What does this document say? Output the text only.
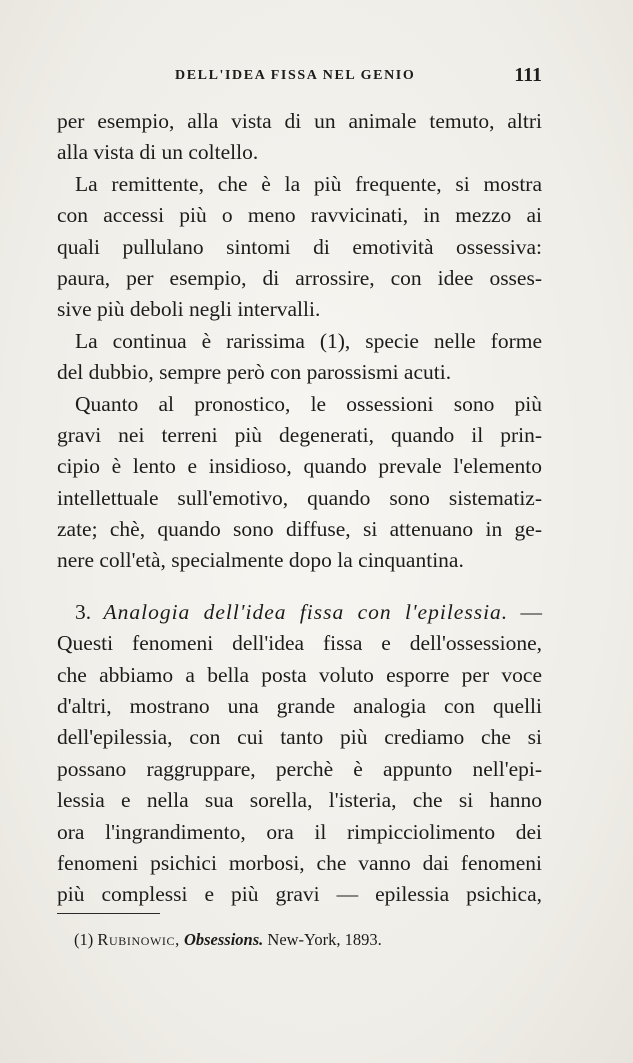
DELL'IDEA FISSA NEL GENIO	111
per esempio, alla vista di un animale temuto, altri
alla vista di un coltello.
La remittente, che è la più frequente, si mostra
con accessi più o meno ravvicinati, in mezzo ai
quali pullulano sintomi di emotività ossessiva:
paura, per esempio, di arrossire, con idee osses-
sive più deboli negli intervalli.
La continua è rarissima (1), specie nelle forme
del dubbio, sempre però con parossismi acuti.
Quanto al pronostico, le ossessioni sono più
gravi nei terreni più degenerati, quando il prin-
cipio è lento e insidioso, quando prevale l'elemento
intellettuale sull'emotivo, quando sono sistematiz-
zate; chè, quando sono diffuse, si attenuano in ge-
nere coll'età, specialmente dopo la cinquantina.
3. Analogia dell'idea fissa con l'epilessia. —
Questi fenomeni dell'idea fissa e dell'ossessione,
che abbiamo a bella posta voluto esporre per voce
d'altri, mostrano una grande analogia con quelli
dell'epilessia, con cui tanto più crediamo che si
possano raggruppare, perchè è appunto nell'epi-
lessia e nella sua sorella, l'isteria, che si hanno
ora l'ingrandimento, ora il rimpicciolimento dei
fenomeni psichici morbosi, che vanno dai fenomeni
più complessi e più gravi — epilessia psichica,
(1) Rubinowic, Obsessions. New-York, 1893.
